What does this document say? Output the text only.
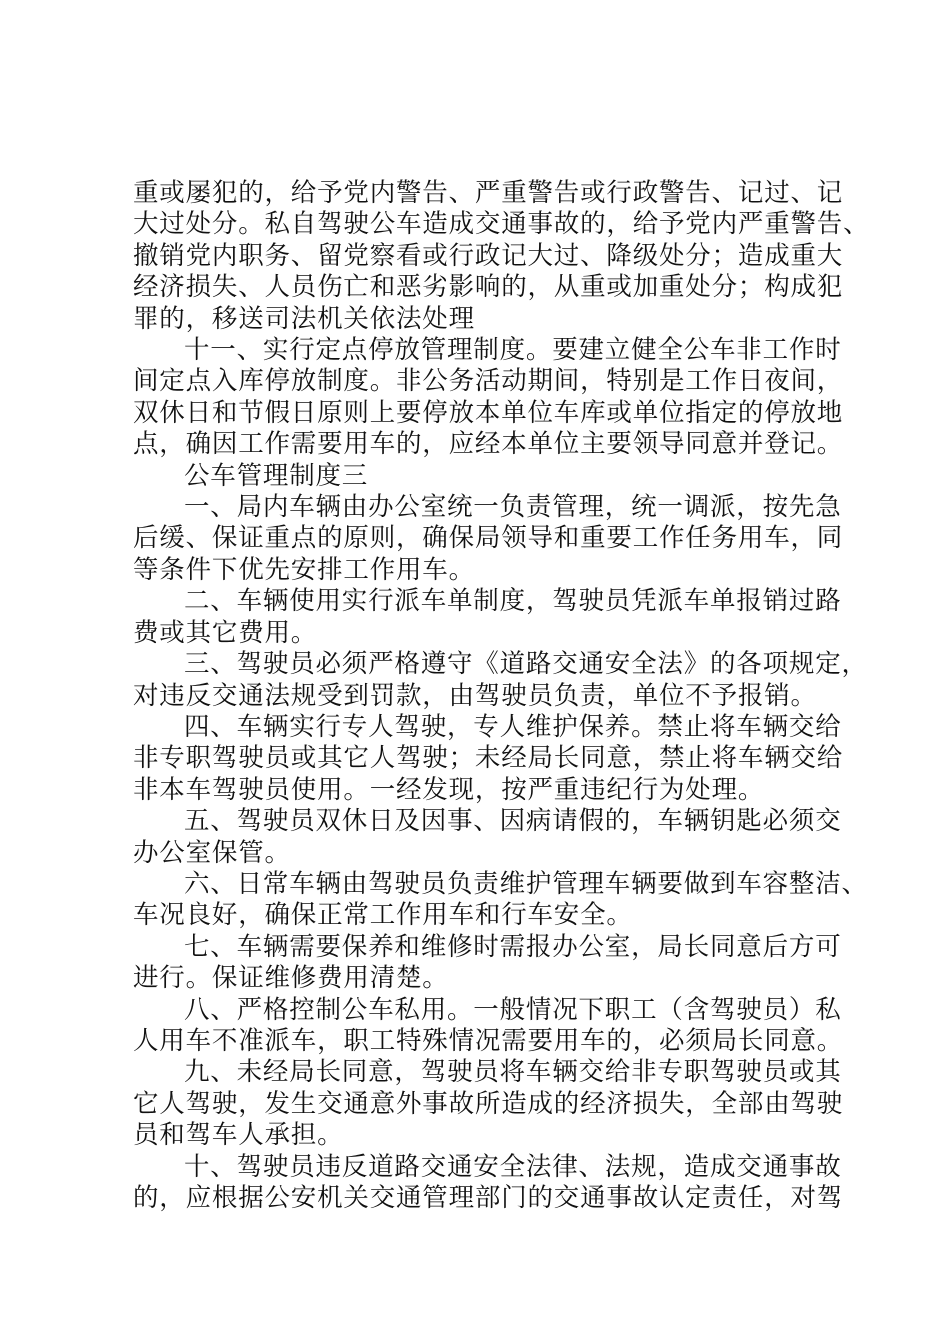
重或屡犯的，给予党内警告、严重警告或行政警告、记过、记
大过处分。私自驾驶公车造成交通事故的，给予党内严重警告、
撤销党内职务、留党察看或行政记大过、降级处分；造成重大
经济损失、人员伤亡和恶劣影响的，从重或加重处分；构成犯
罪的，移送司法机关依法处理
十一、实行定点停放管理制度。要建立健全公车非工作时
间定点入库停放制度。非公务活动期间，特别是工作日夜间，
双休日和节假日原则上要停放本单位车库或单位指定的停放地
点，确因工作需要用车的，应经本单位主要领导同意并登记。
公车管理制度三
一、局内车辆由办公室统一负责管理，统一调派，按先急
后缓、保证重点的原则，确保局领导和重要工作任务用车，同
等条件下优先安排工作用车。
二、车辆使用实行派车单制度，驾驶员凭派车单报销过路
费或其它费用。
三、驾驶员必须严格遵守《道路交通安全法》的各项规定，
对违反交通法规受到罚款，由驾驶员负责，单位不予报销。
四、车辆实行专人驾驶，专人维护保养。禁止将车辆交给
非专职驾驶员或其它人驾驶；未经局长同意，禁止将车辆交给
非本车驾驶员使用。一经发现，按严重违纪行为处理。
五、驾驶员双休日及因事、因病请假的，车辆钥匙必须交
办公室保管。
六、日常车辆由驾驶员负责维护管理车辆要做到车容整洁、
车况良好，确保正常工作用车和行车安全。
七、车辆需要保养和维修时需报办公室，局长同意后方可
进行。保证维修费用清楚。
八、严格控制公车私用。一般情况下职工（含驾驶员）私
人用车不准派车，职工特殊情况需要用车的，必须局长同意。
九、未经局长同意，驾驶员将车辆交给非专职驾驶员或其
它人驾驶，发生交通意外事故所造成的经济损失，全部由驾驶
员和驾车人承担。
十、驾驶员违反道路交通安全法律、法规，造成交通事故
的，应根据公安机关交通管理部门的交通事故认定责任，对驾
